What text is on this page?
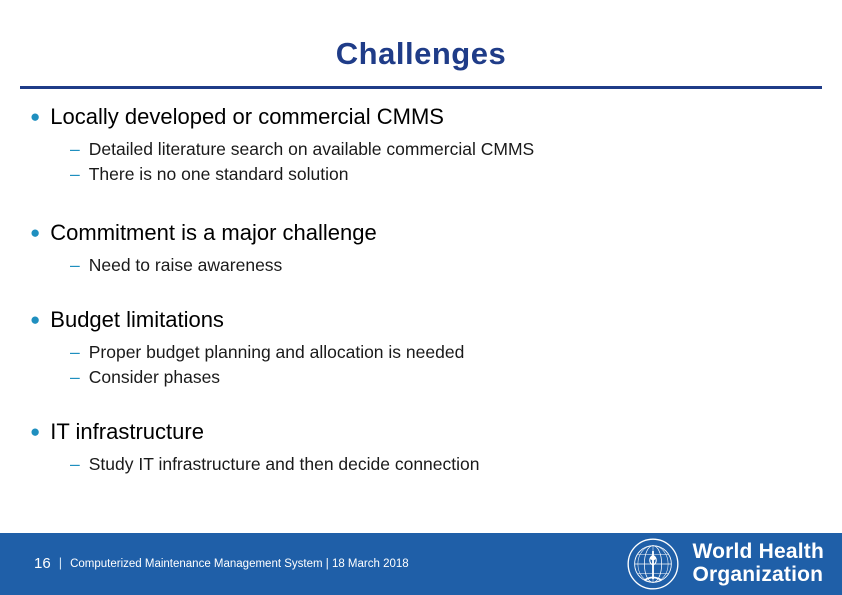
Challenges
● Locally developed or commercial CMMS
– Detailed literature search on available commercial CMMS
– There is no one standard solution
● Commitment is a major challenge
– Need to raise awareness
● Budget limitations
– Proper budget planning and allocation is needed
– Consider phases
● IT infrastructure
– Study IT infrastructure and then decide connection
16 | Computerized Maintenance Management System | 18 March 2018
World Health
Organization
